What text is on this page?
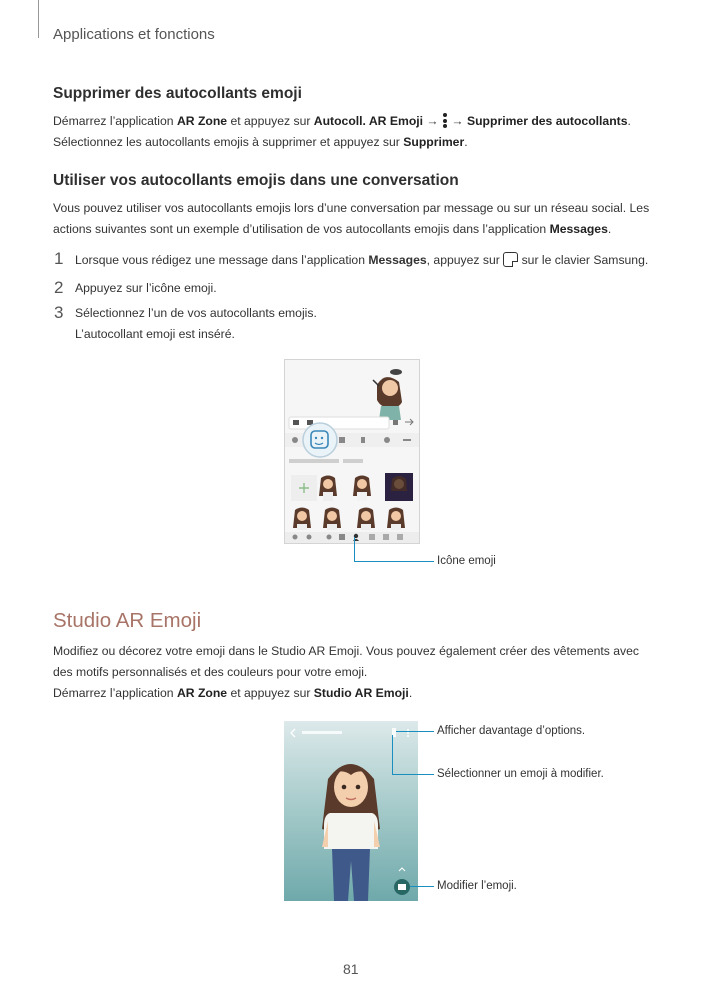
Applications et fonctions
Supprimer des autocollants emoji
Démarrez l’application AR Zone et appuyez sur Autocoll. AR Emoji →
→ Supprimer des autocollants.
Sélectionnez les autocollants emojis à supprimer et appuyez sur Supprimer.
Utiliser vos autocollants emojis dans une conversation
Vous pouvez utiliser vos autocollants emojis lors d’une conversation par message ou sur un réseau social. Les
actions suivantes sont un exemple d’utilisation de vos autocollants emojis dans l’application Messages.
1 Lorsque vous rédigez une message dans l’application Messages, appuyez sur  sur le clavier Samsung.
2 Appuyez sur l’icône emoji.
3 Sélectionnez l’un de vos autocollants emojis.
L’autocollant emoji est inséré.
Icône emoji
Studio AR Emoji
Modifiez ou décorez votre emoji dans le Studio AR Emoji. Vous pouvez également créer des vêtements avec
des motifs personnalisés et des couleurs pour votre emoji.
Démarrez l’application AR Zone et appuyez sur Studio AR Emoji.
Afficher davantage d’options.
Sélectionner un emoji à modifier.
Modifier l’emoji.
81
